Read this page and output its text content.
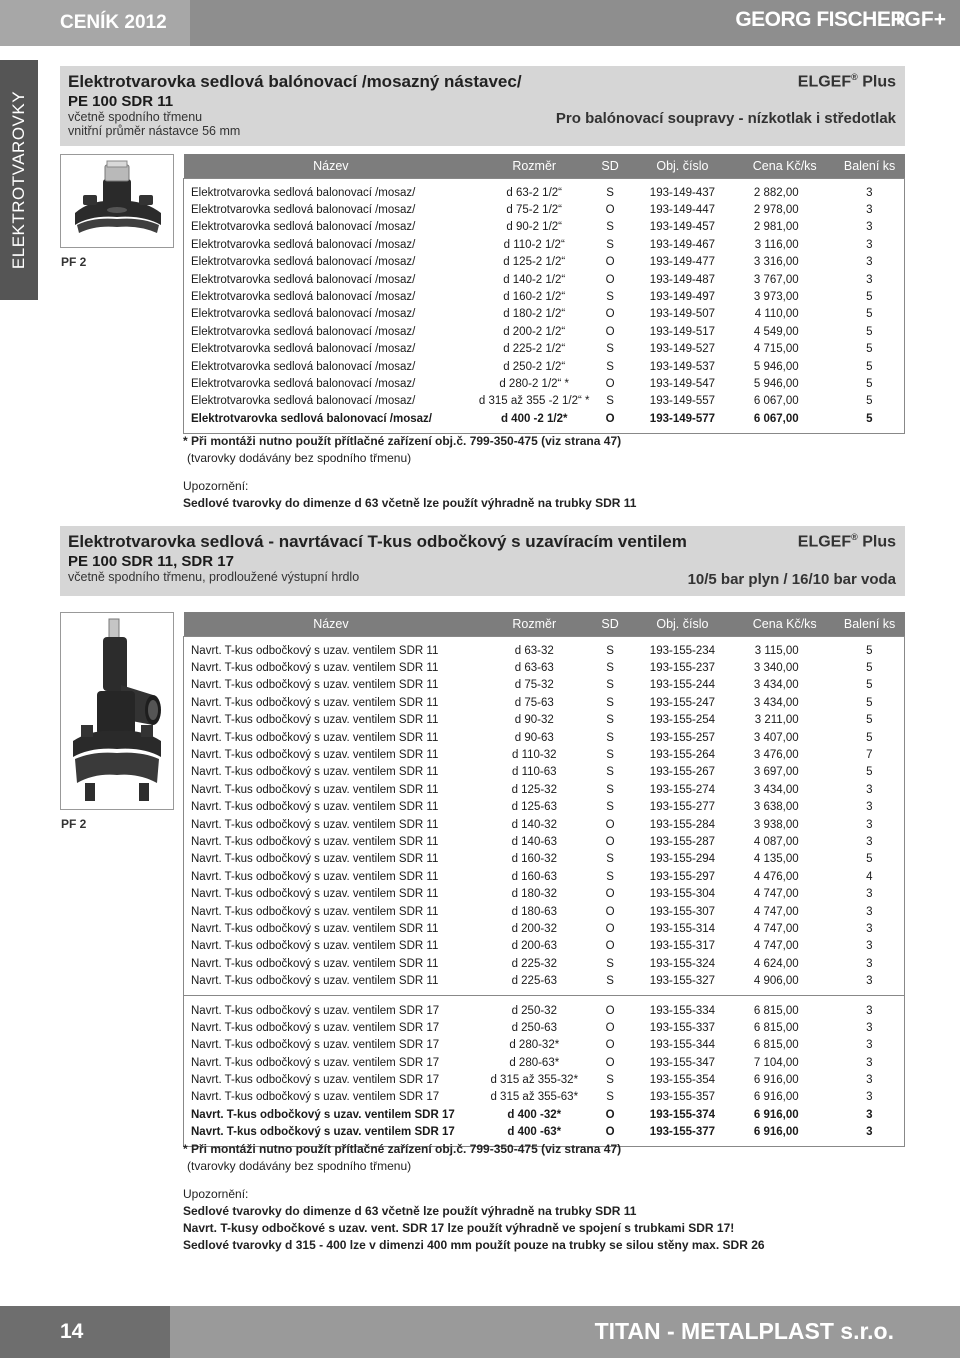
CENÍK 2012	GEORG FISCHER
+GF+
ELEKTROTVAROVKY
Elektrotvarovka sedlová balónovací /mosazný nástavec/
PE 100 SDR 11
včetně spodního třmenu
vnitřní průměr nástavce 56 mm
ELGEF® Plus
Pro balónovací soupravy - nízkotlak i středotlak
PF 2
Název	Rozměr	SD	Obj. číslo	Cena Kč/ks	Balení ks

Elektrotvarovka sedlová balonovací /mosaz/	d 63-2 1/2“	S	193-149-437	2 882,00	3
Elektrotvarovka sedlová balonovací /mosaz/	d 75-2 1/2“	O	193-149-447	2 978,00	3
Elektrotvarovka sedlová balonovací /mosaz/	d 90-2 1/2“	S	193-149-457	2 981,00	3
Elektrotvarovka sedlová balonovací /mosaz/	d 110-2 1/2“	S	193-149-467	3 116,00	3
Elektrotvarovka sedlová balonovací /mosaz/	d 125-2 1/2“	O	193-149-477	3 316,00	3
Elektrotvarovka sedlová balonovací /mosaz/	d 140-2 1/2“	O	193-149-487	3 767,00	3
Elektrotvarovka sedlová balonovací /mosaz/	d 160-2 1/2“	S	193-149-497	3 973,00	5
Elektrotvarovka sedlová balonovací /mosaz/	d 180-2 1/2“	O	193-149-507	4 110,00	5
Elektrotvarovka sedlová balonovací /mosaz/	d 200-2 1/2“	O	193-149-517	4 549,00	5
Elektrotvarovka sedlová balonovací /mosaz/	d 225-2 1/2“	S	193-149-527	4 715,00	5
Elektrotvarovka sedlová balonovací /mosaz/	d 250-2 1/2“	S	193-149-537	5 946,00	5
Elektrotvarovka sedlová balonovací /mosaz/	d 280-2 1/2“ *	O	193-149-547	5 946,00	5
Elektrotvarovka sedlová balonovací /mosaz/	d 315 až 355 -2 1/2“ *	S	193-149-557	6 067,00	5
Elektrotvarovka sedlová balonovací /mosaz/	d 400 -2 1/2*	O	193-149-577	6 067,00	5

* Při montáži nutno použít přítlačné zařízení obj.č. 799-350-475 (viz strana 47)
(tvarovky dodávány bez spodního třmenu)
Upozornění:
Sedlové tvarovky do dimenze d 63 včetně lze použít výhradně na trubky SDR 11
Elektrotvarovka sedlová - navrtávací T-kus odbočkový s uzavíracím ventilem
PE 100 SDR 11, SDR 17
včetně spodního třmenu, prodloužené výstupní hrdlo
ELGEF® Plus
10/5 bar plyn / 16/10 bar voda
PF 2
Název	Rozměr	SD	Obj. číslo	Cena Kč/ks	Balení ks

Navrt. T-kus odbočkový s uzav. ventilem SDR 11	d 63-32	S	193-155-234	3 115,00	5
Navrt. T-kus odbočkový s uzav. ventilem SDR 11	d 63-63	S	193-155-237	3 340,00	5
Navrt. T-kus odbočkový s uzav. ventilem SDR 11	d 75-32	S	193-155-244	3 434,00	5
Navrt. T-kus odbočkový s uzav. ventilem SDR 11	d 75-63	S	193-155-247	3 434,00	5
Navrt. T-kus odbočkový s uzav. ventilem SDR 11	d 90-32	S	193-155-254	3 211,00	5
Navrt. T-kus odbočkový s uzav. ventilem SDR 11	d 90-63	S	193-155-257	3 407,00	5
Navrt. T-kus odbočkový s uzav. ventilem SDR 11	d 110-32	S	193-155-264	3 476,00	7
Navrt. T-kus odbočkový s uzav. ventilem SDR 11	d 110-63	S	193-155-267	3 697,00	5
Navrt. T-kus odbočkový s uzav. ventilem SDR 11	d 125-32	S	193-155-274	3 434,00	3
Navrt. T-kus odbočkový s uzav. ventilem SDR 11	d 125-63	S	193-155-277	3 638,00	3
Navrt. T-kus odbočkový s uzav. ventilem SDR 11	d 140-32	O	193-155-284	3 938,00	3
Navrt. T-kus odbočkový s uzav. ventilem SDR 11	d 140-63	O	193-155-287	4 087,00	3
Navrt. T-kus odbočkový s uzav. ventilem SDR 11	d 160-32	S	193-155-294	4 135,00	5
Navrt. T-kus odbočkový s uzav. ventilem SDR 11	d 160-63	S	193-155-297	4 476,00	4
Navrt. T-kus odbočkový s uzav. ventilem SDR 11	d 180-32	O	193-155-304	4 747,00	3
Navrt. T-kus odbočkový s uzav. ventilem SDR 11	d 180-63	O	193-155-307	4 747,00	3
Navrt. T-kus odbočkový s uzav. ventilem SDR 11	d 200-32	O	193-155-314	4 747,00	3
Navrt. T-kus odbočkový s uzav. ventilem SDR 11	d 200-63	O	193-155-317	4 747,00	3
Navrt. T-kus odbočkový s uzav. ventilem SDR 11	d 225-32	S	193-155-324	4 624,00	3
Navrt. T-kus odbočkový s uzav. ventilem SDR 11	d 225-63	S	193-155-327	4 906,00	3

Navrt. T-kus odbočkový s uzav. ventilem SDR 17	d 250-32	O	193-155-334	6 815,00	3
Navrt. T-kus odbočkový s uzav. ventilem SDR 17	d 250-63	O	193-155-337	6 815,00	3
Navrt. T-kus odbočkový s uzav. ventilem SDR 17	d 280-32*	O	193-155-344	6 815,00	3
Navrt. T-kus odbočkový s uzav. ventilem SDR 17	d 280-63*	O	193-155-347	7 104,00	3
Navrt. T-kus odbočkový s uzav. ventilem SDR 17	d 315 až 355-32*	S	193-155-354	6 916,00	3
Navrt. T-kus odbočkový s uzav. ventilem SDR 17	d 315 až 355-63*	S	193-155-357	6 916,00	3
Navrt. T-kus odbočkový s uzav. ventilem SDR 17	d 400 -32*	O	193-155-374	6 916,00	3
Navrt. T-kus odbočkový s uzav. ventilem SDR 17	d 400 -63*	O	193-155-377	6 916,00	3

* Při montáži nutno použít přítlačné zařízení obj.č. 799-350-475 (viz strana 47)
(tvarovky dodávány bez spodního třmenu)
Upozornění:
Sedlové tvarovky do dimenze d 63 včetně lze použít výhradně na trubky SDR 11
Navrt. T-kusy odbočkové s uzav. vent. SDR 17 lze použít výhradně ve spojení s trubkami SDR 17!
Sedlové tvarovky d 315 - 400 lze v dimenzi 400 mm použít pouze na trubky se silou stěny max. SDR 26
14	TITAN - METALPLAST s.r.o.
